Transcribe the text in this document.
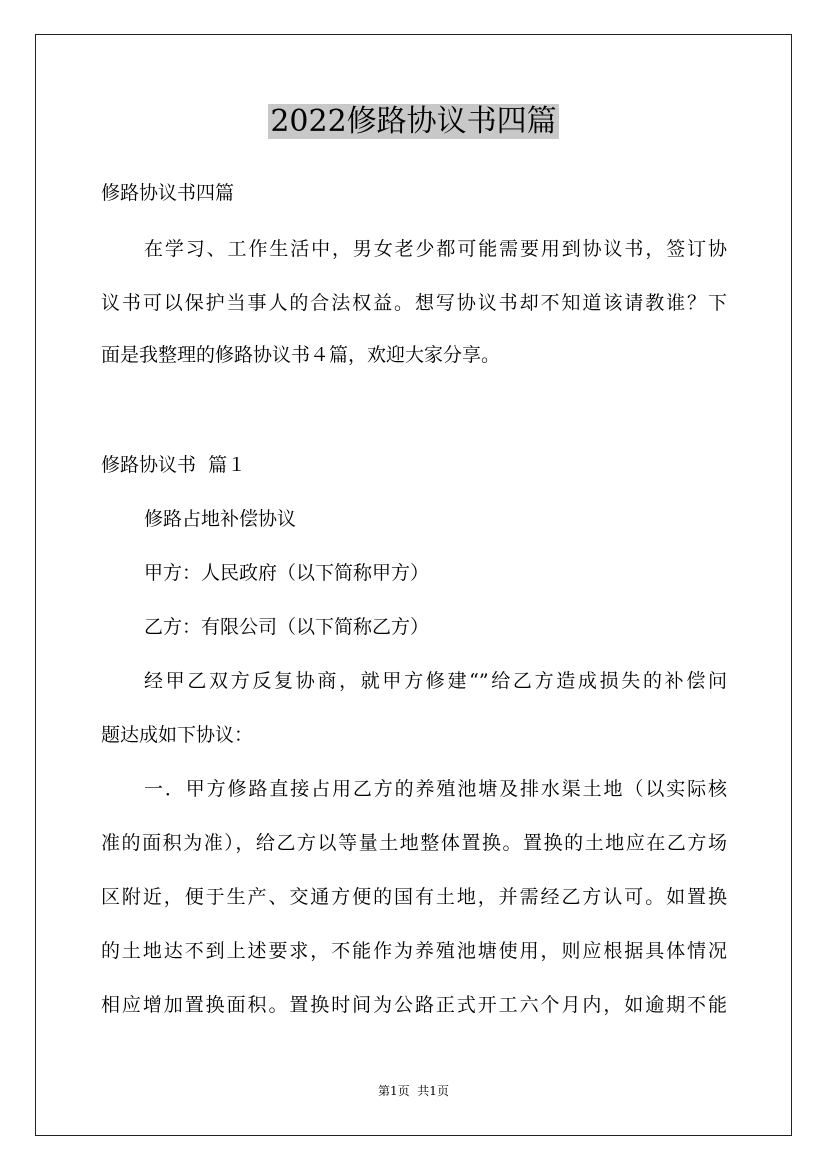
2022修路协议书四篇
修路协议书四篇
在学习、工作生活中，男女老少都可能需要用到协议书，签订协
议书可以保护当事人的合法权益。想写协议书却不知道该请教谁？下
面是我整理的修路协议书４篇，欢迎大家分享。
修路协议书  篇１
修路占地补偿协议
甲方：人民政府（以下简称甲方）
乙方：有限公司（以下简称乙方）
经甲乙双方反复协商，就甲方修建“”给乙方造成损失的补偿问
题达成如下协议：
一．甲方修路直接占用乙方的养殖池塘及排水渠土地（以实际核
准的面积为准），给乙方以等量土地整体置换。置换的土地应在乙方场
区附近，便于生产、交通方便的国有土地，并需经乙方认可。如置换
的土地达不到上述要求，不能作为养殖池塘使用，则应根据具体情况
相应增加置换面积。置换时间为公路正式开工六个月内，如逾期不能
第1页  共1页
